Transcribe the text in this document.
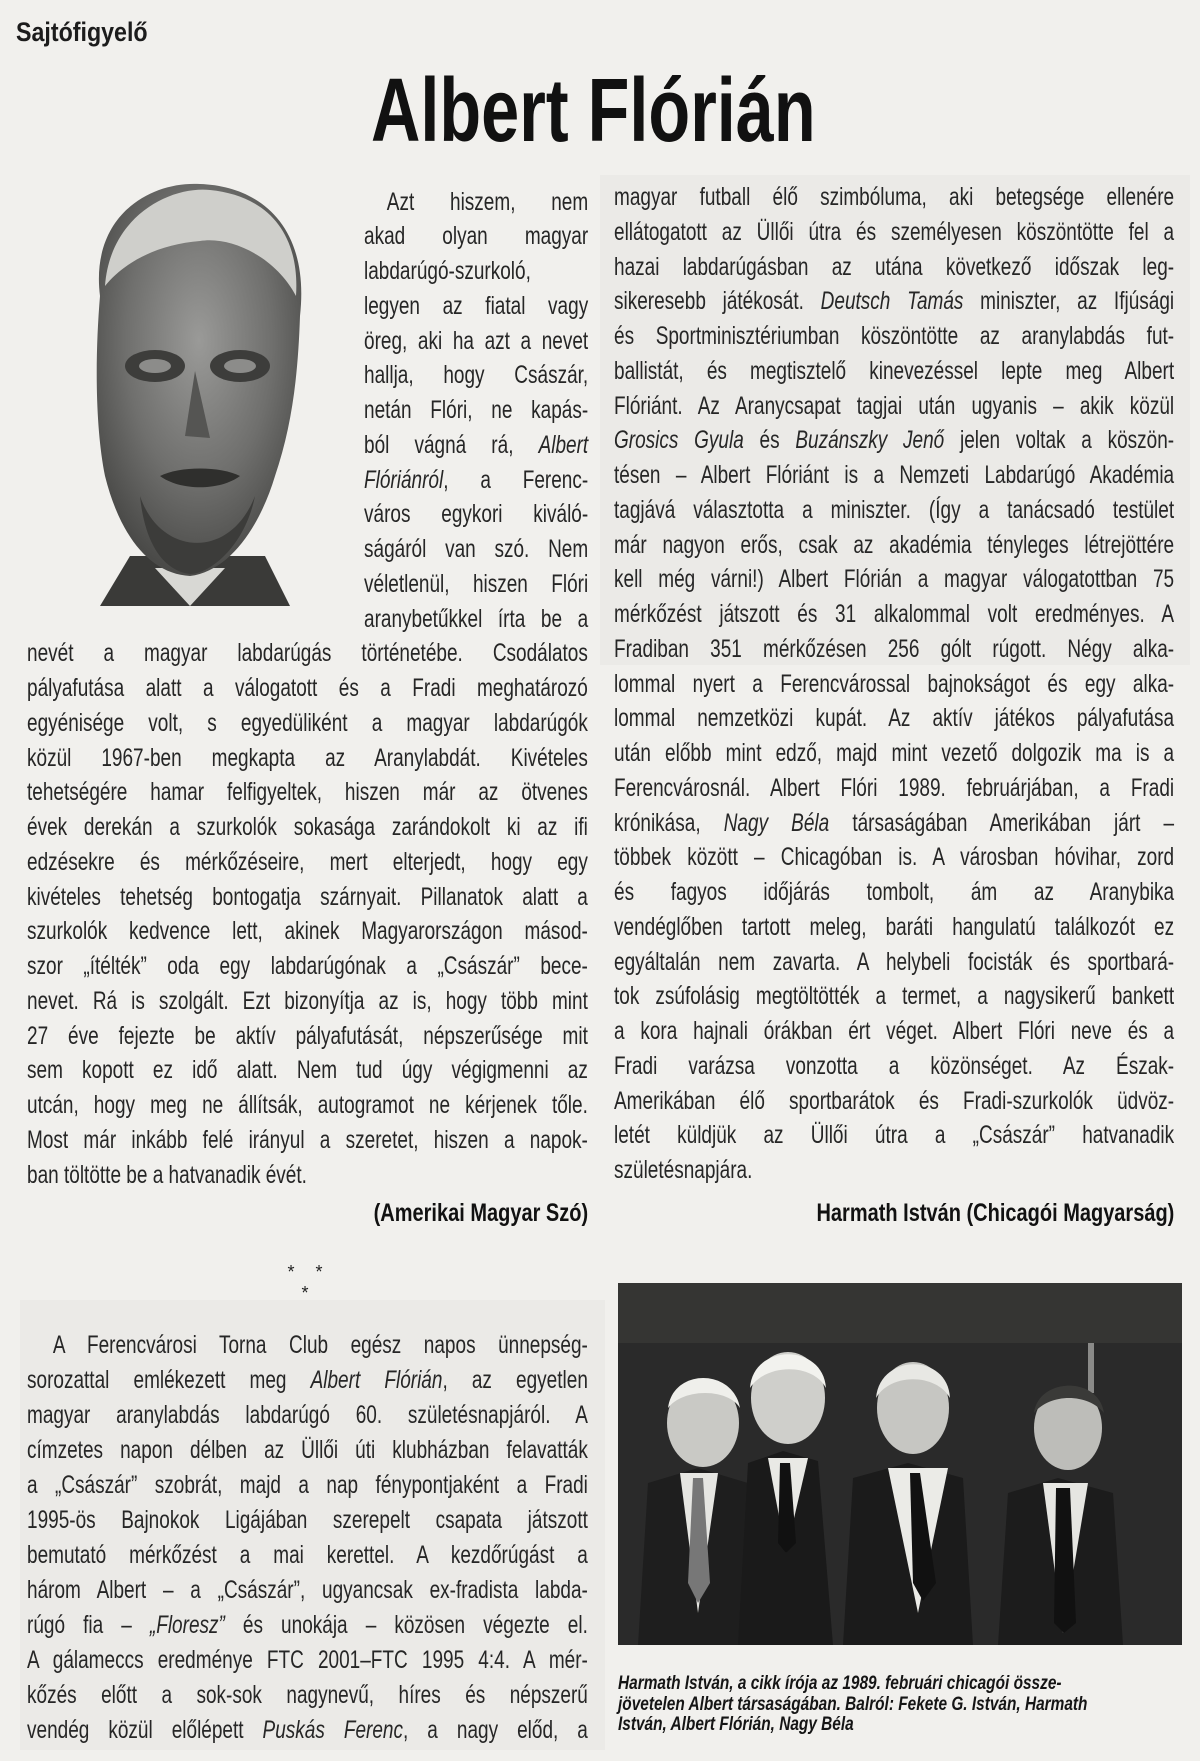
Sajtófigyelő
Albert Flórián
Azt hiszem, nem
akad olyan magyar
labdarúgó-szurkoló,
legyen az fiatal vagy
öreg, aki ha azt a nevet
hallja, hogy Császár,
netán Flóri, ne kapás-
ból vágná rá, Albert
Flóriánról, a Ferenc-
város egykori kiváló-
ságáról van szó. Nem
véletlenül, hiszen Flóri
aranybetűkkel írta be a
nevét a magyar labdarúgás történetébe. Csodálatos
pályafutása alatt a válogatott és a Fradi meghatározó
egyénisége volt, s egyedüliként a magyar labdarúgók
közül 1967-ben megkapta az Aranylabdát. Kivételes
tehetségére hamar felfigyeltek, hiszen már az ötvenes
évek derekán a szurkolók sokasága zarándokolt ki az ifi
edzésekre és mérkőzéseire, mert elterjedt, hogy egy
kivételes tehetség bontogatja szárnyait. Pillanatok alatt a
szurkolók kedvence lett, akinek Magyarországon másod-
szor „ítélték” oda egy labdarúgónak a „Császár” bece-
nevet. Rá is szolgált. Ezt bizonyítja az is, hogy több mint
27 éve fejezte be aktív pályafutását, népszerűsége mit
sem kopott ez idő alatt. Nem tud úgy végigmenni az
utcán, hogy meg ne állítsák, autogramot ne kérjenek tőle.
Most már inkább felé irányul a szeretet, hiszen a napok-
ban töltötte be a hatvanadik évét.
magyar futball élő szimbóluma, aki betegsége ellenére
ellátogatott az Üllői útra és személyesen köszöntötte fel a
hazai labdarúgásban az utána következő időszak leg-
sikeresebb játékosát. Deutsch Tamás miniszter, az Ifjúsági
és Sportminisztériumban köszöntötte az aranylabdás fut-
ballistát, és megtisztelő kinevezéssel lepte meg Albert
Flóriánt. Az Aranycsapat tagjai után ugyanis – akik közül
Grosics Gyula és Buzánszky Jenő jelen voltak a köszön-
tésen – Albert Flóriánt is a Nemzeti Labdarúgó Akadémia
tagjává választotta a miniszter. (Így a tanácsadó testület
már nagyon erős, csak az akadémia tényleges létrejöttére
kell még várni!) Albert Flórián a magyar válogatottban 75
mérkőzést játszott és 31 alkalommal volt eredményes. A
Fradiban 351 mérkőzésen 256 gólt rúgott. Négy alka-
lommal nyert a Ferencvárossal bajnokságot és egy alka-
lommal nemzetközi kupát. Az aktív játékos pályafutása
után előbb mint edző, majd mint vezető dolgozik ma is a
Ferencvárosnál. Albert Flóri 1989. februárjában, a Fradi
krónikása, Nagy Béla társaságában Amerikában járt –
többek között – Chicagóban is. A városban hóvihar, zord
és fagyos időjárás tombolt, ám az Aranybika
vendéglőben tartott meleg, baráti hangulatú találkozót ez
egyáltalán nem zavarta. A helybeli focisták és sportbará-
tok zsúfolásig megtöltötték a termet, a nagysikerű bankett
a kora hajnali órákban ért véget. Albert Flóri neve és a
Fradi varázsa vonzotta a közönséget. Az Észak-
Amerikában élő sportbarátok és Fradi-szurkolók üdvöz-
letét küldjük az Üllői útra a „Császár” hatvanadik
születésnapjára.
(Amerikai Magyar Szó)	Harmath István (Chicagói Magyarság)
* * *
A Ferencvárosi Torna Club egész napos ünnepség-
sorozattal emlékezett meg Albert Flórián, az egyetlen
magyar aranylabdás labdarúgó 60. születésnapjáról. A
címzetes napon délben az Üllői úti klubházban felavatták
a „Császár” szobrát, majd a nap fénypontjaként a Fradi
1995-ös Bajnokok Ligájában szerepelt csapata játszott
bemutató mérkőzést a mai kerettel. A kezdőrúgást a
három Albert – a „Császár”, ugyancsak ex-fradista labda-
rúgó fia – „Floresz” és unokája – közösen végezte el.
A gálameccs eredménye FTC 2001–FTC 1995 4:4. A mér-
kőzés előtt a sok-sok nagynevű, híres és népszerű
vendég közül előlépett Puskás Ferenc, a nagy előd, a
Harmath István, a cikk írója az 1989. februári chicagói össze-
jövetelen Albert társaságában. Balról: Fekete G. István, Harmath
István, Albert Flórián, Nagy Béla
